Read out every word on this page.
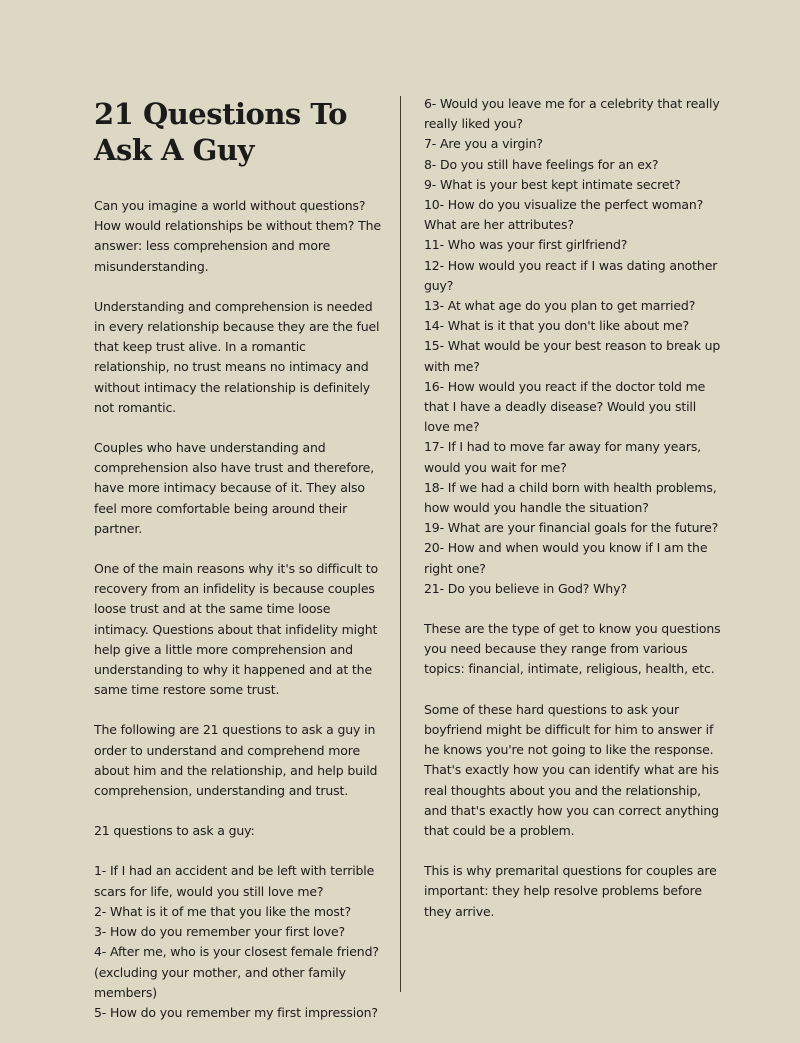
21 Questions To Ask A Guy

Can you imagine a world without questions? How would relationships be without them? The answer: less comprehension and more misunderstanding.

Understanding and comprehension is needed in every relationship because they are the fuel that keep trust alive. In a romantic relationship, no trust means no intimacy and without intimacy the relationship is definitely not romantic.

Couples who have understanding and comprehension also have trust and therefore, have more intimacy because of it. They also feel more comfortable being around their partner.

One of the main reasons why it's so difficult to recovery from an infidelity is because couples loose trust and at the same time loose intimacy. Questions about that infidelity might help give a little more comprehension and understanding to why it happened and at the same time restore some trust.

The following are 21 questions to ask a guy in order to understand and comprehend more about him and the relationship, and help build comprehension, understanding and trust.

21 questions to ask a guy:

1- If I had an accident and be left with terrible scars for life, would you still love me?
2- What is it of me that you like the most?
3- How do you remember your first love?
4- After me, who is your closest female friend? (excluding your mother, and other family members)
5- How do you remember my first impression?
6- Would you leave me for a celebrity that really really liked you?
7- Are you a virgin?
8- Do you still have feelings for an ex?
9- What is your best kept intimate secret?
10- How do you visualize the perfect woman? What are her attributes?
11- Who was your first girlfriend?
12- How would you react if I was dating another guy?
13- At what age do you plan to get married?
14- What is it that you don't like about me?
15- What would be your best reason to break up with me?
16- How would you react if the doctor told me that I have a deadly disease? Would you still love me?
17- If I had to move far away for many years, would you wait for me?
18- If we had a child born with health problems, how would you handle the situation?
19- What are your financial goals for the future?
20- How and when would you know if I am the right one?
21- Do you believe in God? Why?

These are the type of get to know you questions you need because they range from various topics: financial, intimate, religious, health, etc.

Some of these hard questions to ask your boyfriend might be difficult for him to answer if he knows you're not going to like the response. That's exactly how you can identify what are his real thoughts about you and the relationship, and that's exactly how you can correct anything that could be a problem.

This is why premarital questions for couples are important: they help resolve problems before they arrive.
